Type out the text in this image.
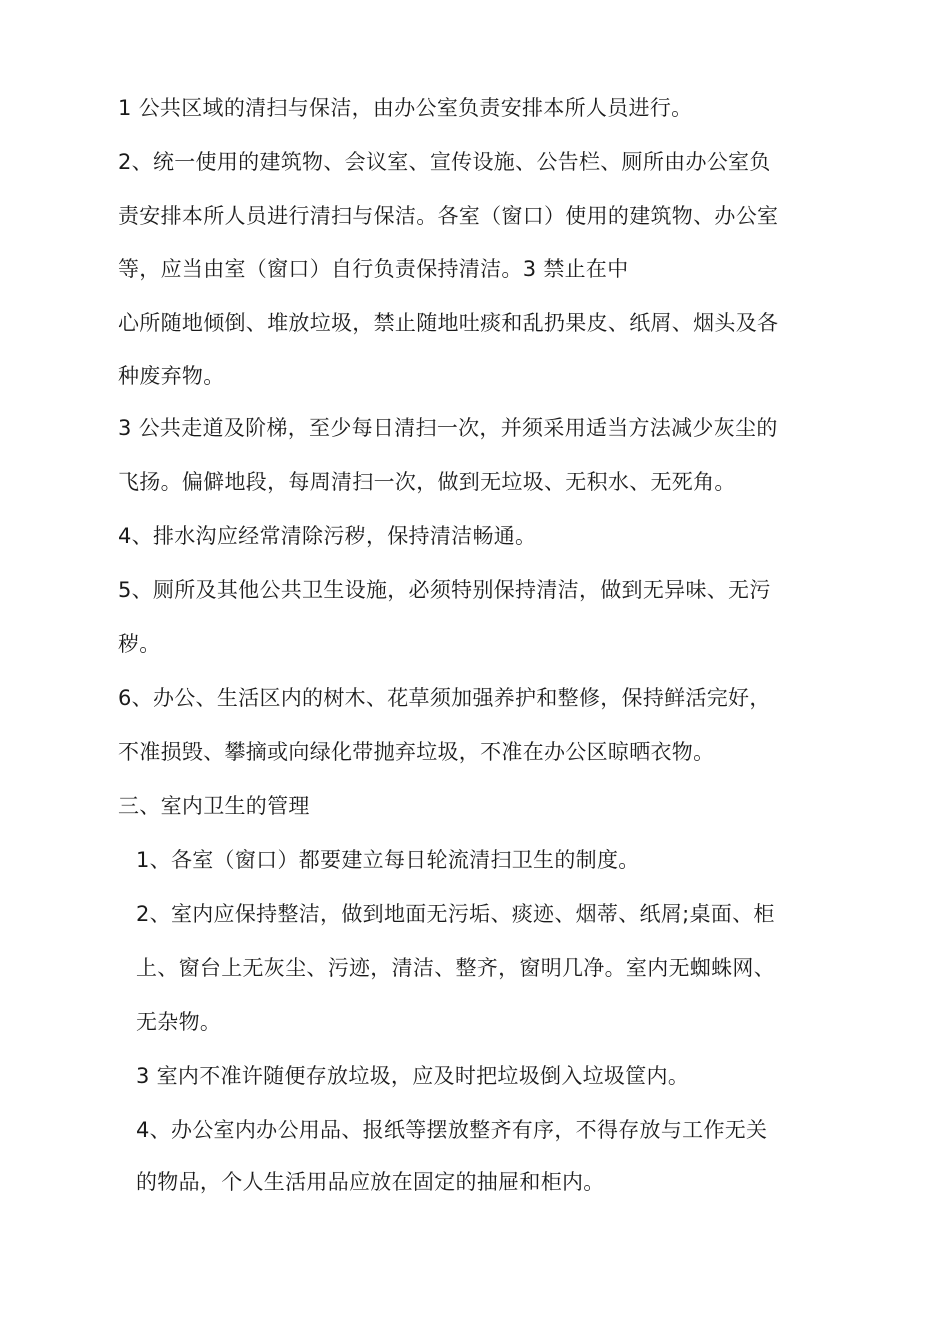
1 公共区域的清扫与保洁，由办公室负责安排本所人员进行。
2、统一使用的建筑物、会议室、宣传设施、公告栏、厕所由办公室负
责安排本所人员进行清扫与保洁。各室（窗口）使用的建筑物、办公室
等，应当由室（窗口）自行负责保持清洁。3 禁止在中
心所随地倾倒、堆放垃圾，禁止随地吐痰和乱扔果皮、纸屑、烟头及各
种废弃物。
3 公共走道及阶梯，至少每日清扫一次，并须采用适当方法减少灰尘的
飞扬。偏僻地段，每周清扫一次，做到无垃圾、无积水、无死角。
4、排水沟应经常清除污秽，保持清洁畅通。
5、厕所及其他公共卫生设施，必须特别保持清洁，做到无异味、无污
秽。
6、办公、生活区内的树木、花草须加强养护和整修，保持鲜活完好，
不准损毁、攀摘或向绿化带抛弃垃圾，不准在办公区晾晒衣物。
三、室内卫生的管理
1、各室（窗口）都要建立每日轮流清扫卫生的制度。
2、室内应保持整洁，做到地面无污垢、痰迹、烟蒂、纸屑;桌面、柜
上、窗台上无灰尘、污迹，清洁、整齐，窗明几净。室内无蜘蛛网、
无杂物。
3 室内不准许随便存放垃圾，应及时把垃圾倒入垃圾筐内。
4、办公室内办公用品、报纸等摆放整齐有序，不得存放与工作无关
的物品，个人生活用品应放在固定的抽屉和柜内。
